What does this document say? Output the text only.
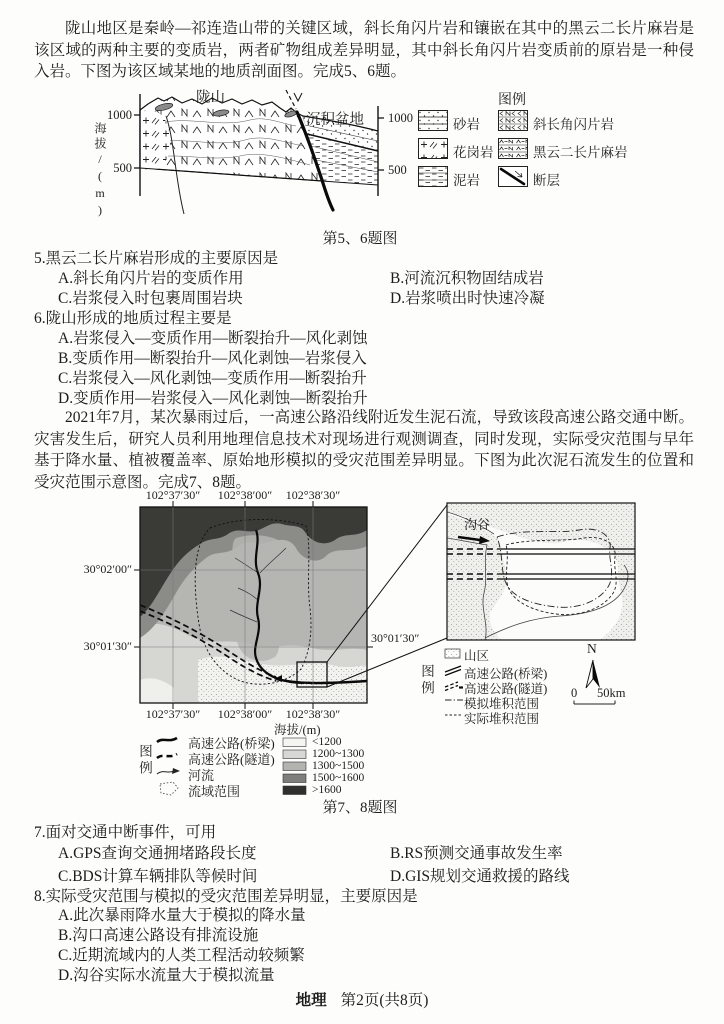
陇山地区是秦岭—祁连造山带的关键区域，斜长角闪片岩和镶嵌在其中的黑云二长片麻岩是该区域的两种主要的变质岩，两者矿物组成差异明显，其中斜长角闪片岩变质前的原岩是一种侵入岩。下图为该区域某地的地质剖面图。完成5、6题。
海拔/(m)
1000
500
1000
500
陇山
沉积盆地
图例
砂岩
花岗岩
泥岩
斜长角闪片岩
黑云二长片麻岩
断层
第5、6题图
5.黑云二长片麻岩形成的主要原因是
A.斜长角闪片岩的变质作用	B.河流沉积物固结成岩
C.岩浆侵入时包裹周围岩块	D.岩浆喷出时快速冷凝
6.陇山形成的地质过程主要是
A.岩浆侵入—变质作用—断裂抬升—风化剥蚀
B.变质作用—断裂抬升—风化剥蚀—岩浆侵入
C.岩浆侵入—风化剥蚀—变质作用—断裂抬升
D.变质作用—岩浆侵入—风化剥蚀—断裂抬升
2021年7月，某次暴雨过后，一高速公路沿线附近发生泥石流，导致该段高速公路交通中断。灾害发生后，研究人员利用地理信息技术对现场进行观测调查，同时发现，实际受灾范围与早年基于降水量、植被覆盖率、原始地形模拟的受灾范围差异明显。下图为此次泥石流发生的位置和受灾范围示意图。完成7、8题。
102°37′30″	102°38′00″	102°38′30″
102°37′30″	102°38′00″	102°38′30″
30°02′00″
30°01′30″
30°01′30″
沟谷
图例
山区
高速公路(桥梁)
高速公路(隧道)
模拟堆积范围
实际堆积范围
N
0 50km
图例
高速公路(桥梁)
高速公路(隧道)
河流
流域范围
海拔/(m)
<1200
1200~1300
1300~1500
1500~1600
>1600
第7、8题图
7.面对交通中断事件，可用
A.GPS查询交通拥堵路段长度	B.RS预测交通事故发生率
C.BDS计算车辆排队等候时间	D.GIS规划交通救援的路线
8.实际受灾范围与模拟的受灾范围差异明显，主要原因是
A.此次暴雨降水量大于模拟的降水量
B.沟口高速公路设有排流设施
C.近期流域内的人类工程活动较频繁
D.沟谷实际水流量大于模拟流量
地理 第2页(共8页)
